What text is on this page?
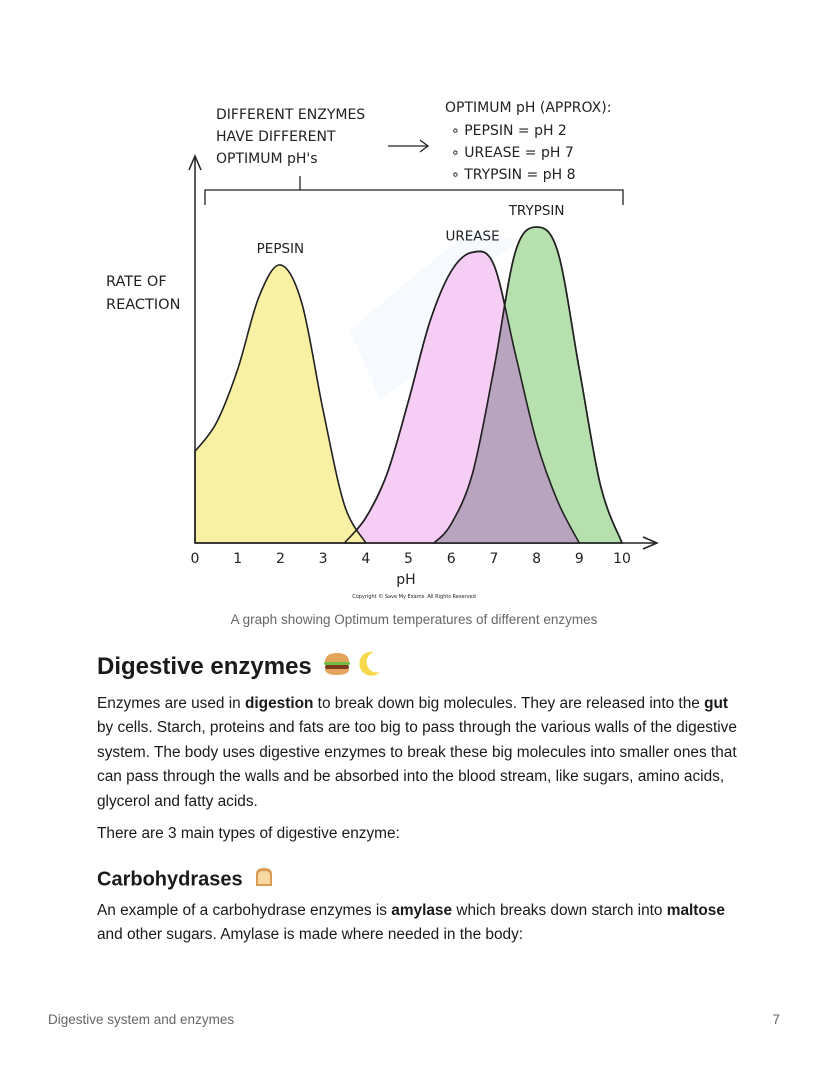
DIFFERENT ENZYMES
HAVE DIFFERENT
OPTIMUM pH's
OPTIMUM pH (APPROX):
∘ PEPSIN = pH 2
∘ UREASE = pH 7
∘ TRYPSIN = pH 8
RATE OF
REACTION
PEPSIN
UREASE
TRYPSIN
0 1 2 3 4 5 6 7 8 9 10
pH
Copyright © Save My Exams. All Rights Reserved
A graph showing Optimum temperatures of different enzymes
Digestive enzymes

Enzymes are used in digestion to break down big molecules. They are released into the gut by cells. Starch, proteins and fats are too big to pass through the various walls of the digestive system. The body uses digestive enzymes to break these big molecules into smaller ones that can pass through the walls and be absorbed into the blood stream, like sugars, amino acids, glycerol and fatty acids.

There are 3 main types of digestive enzyme:

Carbohydrases

An example of a carbohydrase enzymes is amylase which breaks down starch into maltose and other sugars. Amylase is made where needed in the body:

Digestive system and enzymes	7
